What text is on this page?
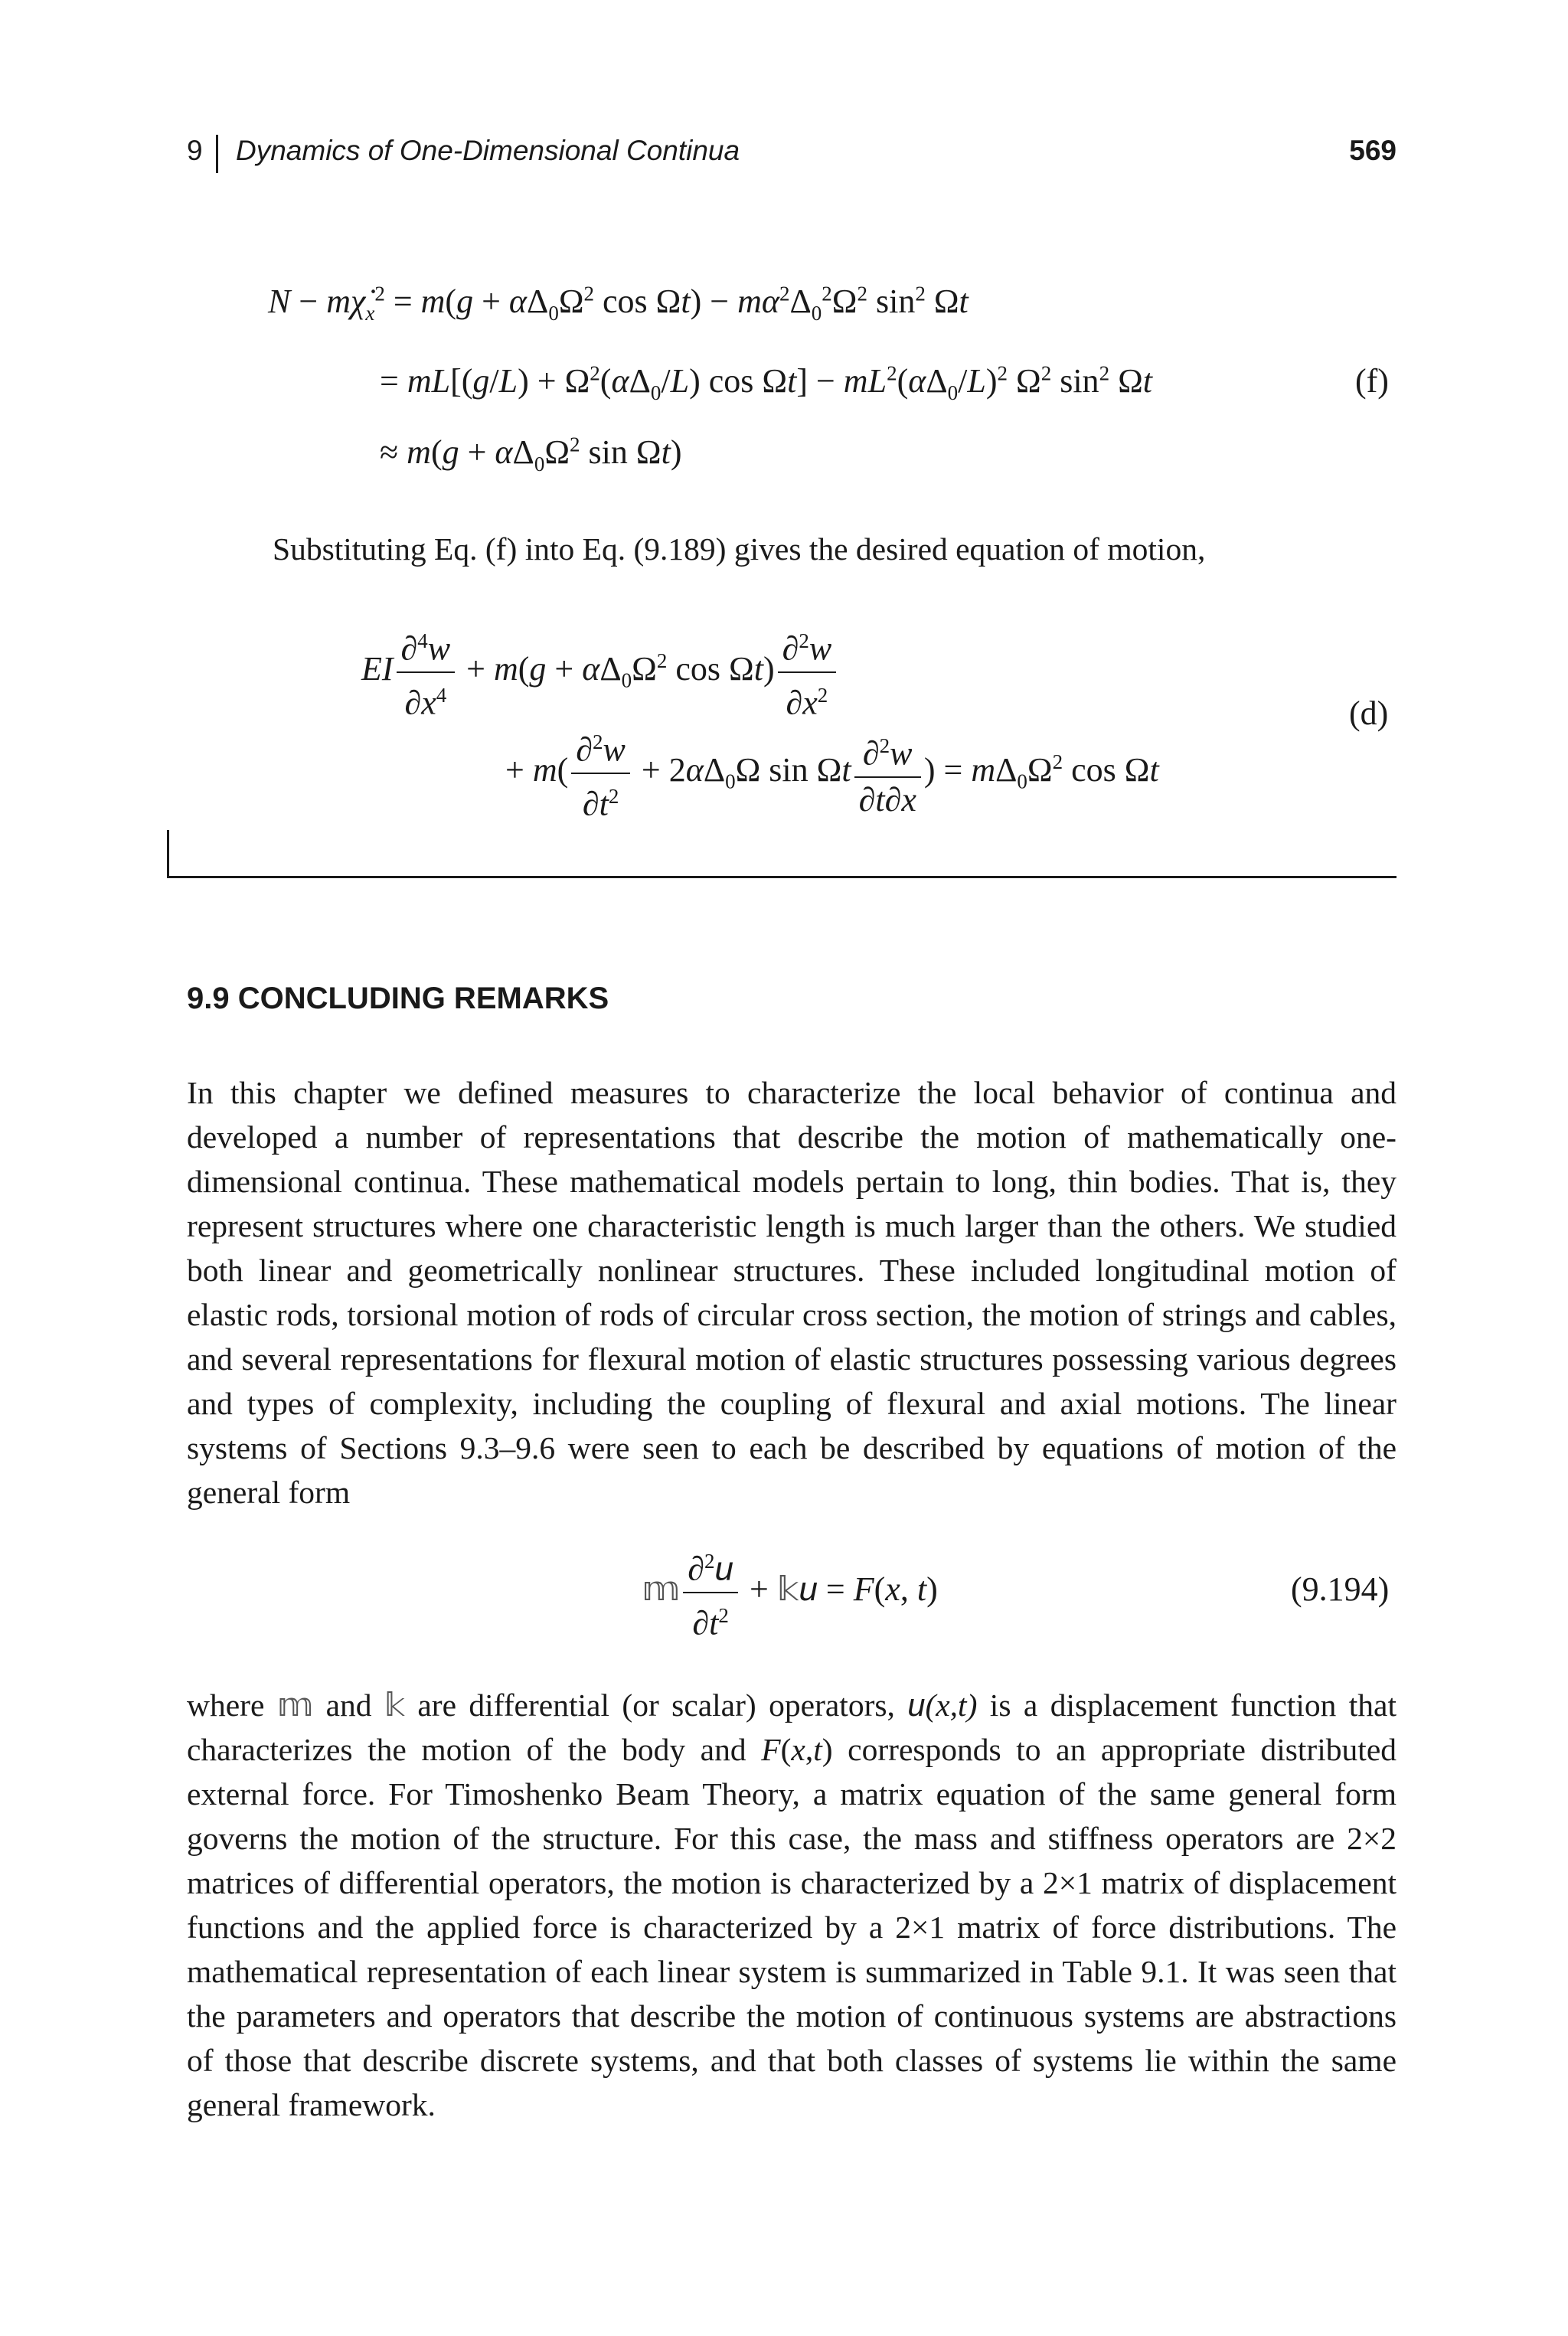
9 Dynamics of One-Dimensional Continua	569
$N - m\chi̇_x^2 = m(g + \alpha\Delta_0\Omega^2$ $\cos \Omega t) - m\alpha^2\Delta_0^2\Omega^2$ $\sin^2 \Omega t$
= $mL[(g/L) + \Omega^2(\alpha\Delta_0/L)$ $\cos \Omega t] - mL^2(\alpha\Delta_0/L)^2$ $\Omega^2$ $\sin^2 \Omega t$	(f)
≈ $m(g + \alpha\Delta_0\Omega^2$ sin Ωt)
Substituting Eq. (f) into Eq. (9.189) gives the desired equation of motion,
EI $\frac{\partial^4w}{\partial x^4} + m(g + \alpha\Delta_0\Omega^2$ $\cos \Omega t) \frac{\partial^2w}{\partial x^2}$	(d)
+ $m( \frac{\partial^2w}{\partial t^2} + 2\alpha\Delta_0\Omega$ sin Ωt $\frac{\partial^2w}{\partial t\partial x}$ ) = $m\Delta_0\Omega^2$ cos Ωt
9.9 CONCLUDING REMARKS
In this chapter we defined measures to characterize the local behavior of continua and developed a number of representations that describe the motion of mathematically one-dimensional continua. These mathematical models pertain to long, thin bodies. That is, they represent structures where one characteristic length is much larger than the others. We studied both linear and geometrically nonlinear structures. These included longitudinal motion of elastic rods, torsional motion of rods of circular cross section, the motion of strings and cables, and several representations for flexural motion of elastic structures possessing various degrees and types of complexity, including the coupling of flexural and axial motions. The linear systems of Sections 9.3–9.6 were seen to each be described by equations of motion of the general form
𝕞 $\frac{\partial^2u}{\partial t^2}$ + 𝕜u = F(x, t)	(9.194)
where 𝕞 and 𝕜 are differential (or scalar) operators, u(x,t) is a displacement function that characterizes the motion of the body and F(x,t) corresponds to an appropriate distributed external force. For Timoshenko Beam Theory, a matrix equation of the same general form governs the motion of the structure. For this case, the mass and stiffness operators are 2×2 matrices of differential operators, the motion is characterized by a 2×1 matrix of displacement functions and the applied force is characterized by a 2×1 matrix of force distributions. The mathematical representation of each linear system is summarized in Table 9.1. It was seen that the parameters and operators that describe the motion of continuous systems are abstractions of those that describe discrete systems, and that both classes of systems lie within the same general framework.
